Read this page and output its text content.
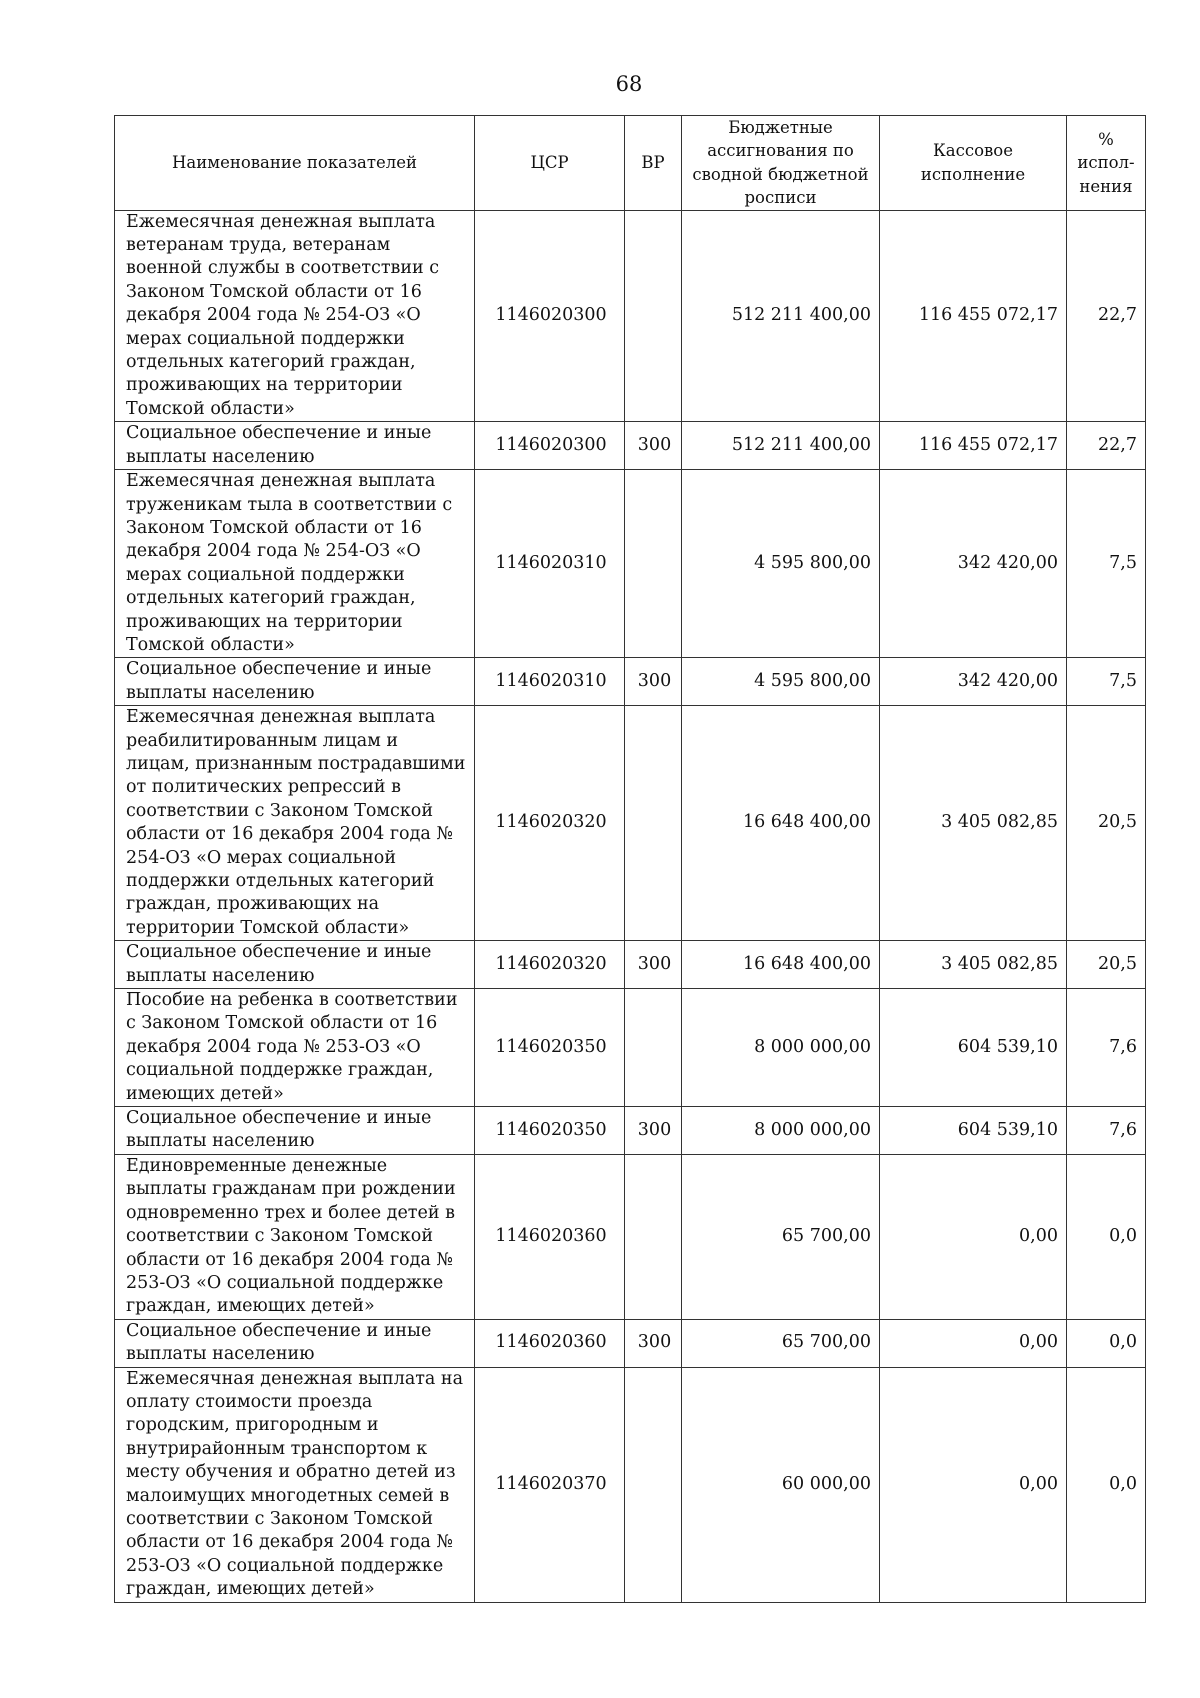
68
Наименование показателей	ЦСР	ВР	Бюджетные ассигнования по сводной бюджетной росписи	Кассовое исполнение	% испол-нения
Ежемесячная денежная выплата ветеранам труда, ветеранам военной службы в соответствии с Законом Томской области от 16 декабря 2004 года № 254-ОЗ «О мерах социальной поддержки отдельных категорий граждан, проживающих на территории Томской области»	1146020300		512 211 400,00	116 455 072,17	22,7
Социальное обеспечение и иные выплаты населению	1146020300	300	512 211 400,00	116 455 072,17	22,7
Ежемесячная денежная выплата труженикам тыла в соответствии с Законом Томской области от 16 декабря 2004 года № 254-ОЗ «О мерах социальной поддержки отдельных категорий граждан, проживающих на территории Томской области»	1146020310		4 595 800,00	342 420,00	7,5
Социальное обеспечение и иные выплаты населению	1146020310	300	4 595 800,00	342 420,00	7,5
Ежемесячная денежная выплата реабилитированным лицам и лицам, признанным пострадавшими от политических репрессий в соответствии с Законом Томской области от 16 декабря 2004 года № 254-ОЗ «О мерах социальной поддержки отдельных категорий граждан, проживающих на территории Томской области»	1146020320		16 648 400,00	3 405 082,85	20,5
Социальное обеспечение и иные выплаты населению	1146020320	300	16 648 400,00	3 405 082,85	20,5
Пособие на ребенка в соответствии с Законом Томской области от 16 декабря 2004 года № 253-ОЗ «О социальной поддержке граждан, имеющих детей»	1146020350		8 000 000,00	604 539,10	7,6
Социальное обеспечение и иные выплаты населению	1146020350	300	8 000 000,00	604 539,10	7,6
Единовременные денежные выплаты гражданам при рождении одновременно трех и более детей в соответствии с Законом Томской области от 16 декабря 2004 года № 253-ОЗ «О социальной поддержке граждан, имеющих детей»	1146020360		65 700,00	0,00	0,0
Социальное обеспечение и иные выплаты населению	1146020360	300	65 700,00	0,00	0,0
Ежемесячная денежная выплата на оплату стоимости проезда городским, пригородным и внутрирайонным транспортом к месту обучения и обратно детей из малоимущих многодетных семей в соответствии с Законом Томской области от 16 декабря 2004 года № 253-ОЗ «О социальной поддержке граждан, имеющих детей»	1146020370		60 000,00	0,00	0,0
